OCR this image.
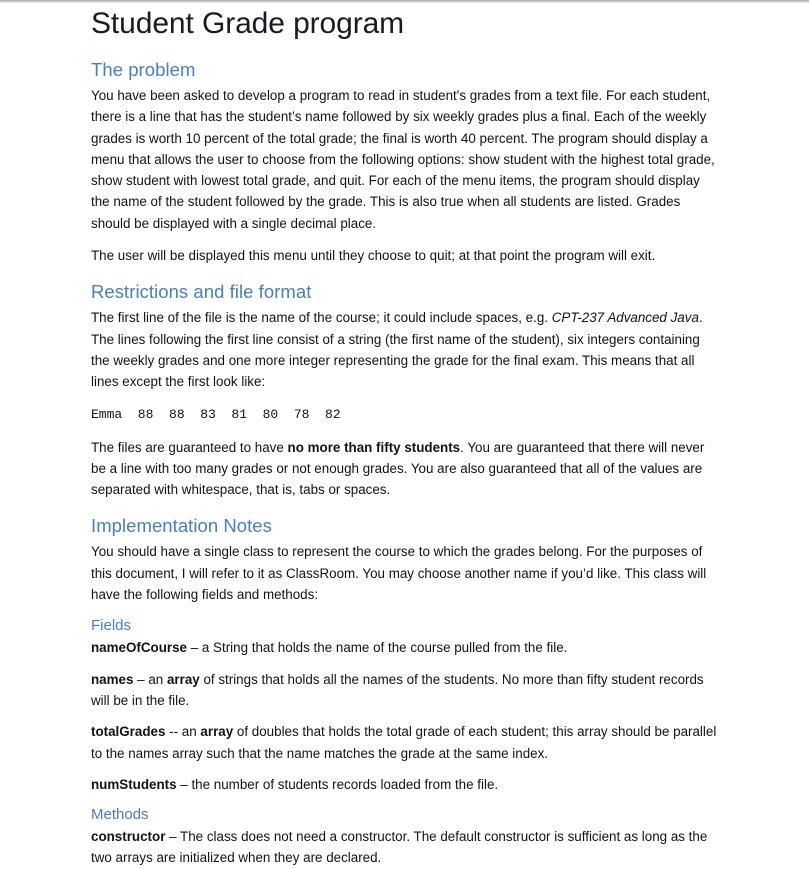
Student Grade program
The problem

You have been asked to develop a program to read in student's grades from a text file. For each student, there is a line that has the student’s name followed by six weekly grades plus a final. Each of the weekly grades is worth 10 percent of the total grade; the final is worth 40 percent. The program should display a menu that allows the user to choose from the following options: show student with the highest total grade, show student with lowest total grade, and quit. For each of the menu items, the program should display the name of the student followed by the grade. This is also true when all students are listed. Grades should be displayed with a single decimal place.

The user will be displayed this menu until they choose to quit; at that point the program will exit.

Restrictions and file format

The first line of the file is the name of the course; it could include spaces, e.g. CPT-237 Advanced Java. The lines following the first line consist of a string (the first name of the student), six integers containing the weekly grades and one more integer representing the grade for the final exam. This means that all lines except the first look like:

Emma  88  88  83  81  80  78  82

The files are guaranteed to have no more than fifty students. You are guaranteed that there will never be a line with too many grades or not enough grades. You are also guaranteed that all of the values are separated with whitespace, that is, tabs or spaces.

Implementation Notes

You should have a single class to represent the course to which the grades belong. For the purposes of this document, I will refer to it as ClassRoom. You may choose another name if you’d like. This class will have the following fields and methods:

Fields

nameOfCourse – a String that holds the name of the course pulled from the file.

names – an array of strings that holds all the names of the students. No more than fifty student records will be in the file.

totalGrades -- an array of doubles that holds the total grade of each student; this array should be parallel to the names array such that the name matches the grade at the same index.

numStudents – the number of students records loaded from the file.

Methods

constructor – The class does not need a constructor. The default constructor is sufficient as long as the two arrays are initialized when they are declared.
